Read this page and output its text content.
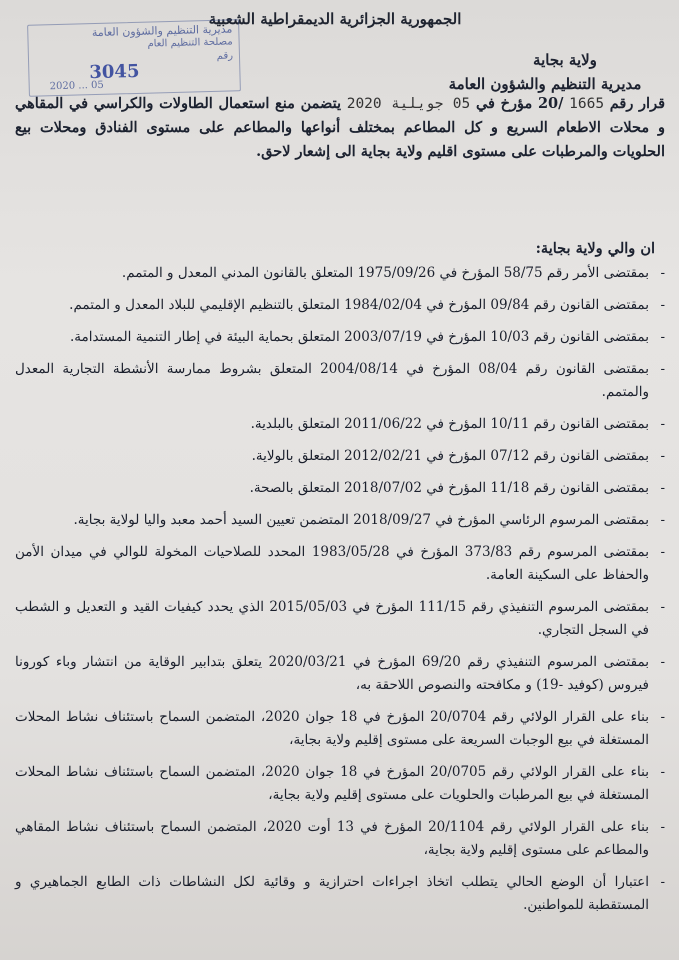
الجمهورية الجزائرية الديمقراطية الشعبية
مديرية التنظيم والشؤون العامة
مصلحة التنظيم العام
رقم
3045
2020 ... 05
ولاية بجاية
مديرية التنظيم والشؤون العامة
قرار رقم 1665 /20 مؤرخ في 05 جويلية 2020 يتضمن منع استعمال الطاولات والكراسي في المقاهي و محلات الاطعام السريع و كل المطاعم بمختلف أنواعها والمطاعم على مستوى الفنادق ومحلات بيع الحلويات والمرطبات على مستوى اقليم ولاية بجاية الى إشعار لاحق.
ان والي ولاية بجاية:
- بمقتضى الأمر رقم 58/75 المؤرخ في 1975/09/26 المتعلق بالقانون المدني المعدل و المتمم.
- بمقتضى القانون رقم 09/84 المؤرخ في 1984/02/04 المتعلق بالتنظيم الإقليمي للبلاد المعدل و المتمم.
- بمقتضى القانون رقم 10/03 المؤرخ في 2003/07/19 المتعلق بحماية البيئة في إطار التنمية المستدامة.
- بمقتضى القانون رقم 08/04 المؤرخ في 2004/08/14 المتعلق بشروط ممارسة الأنشطة التجارية المعدل والمتمم.
- بمقتضى القانون رقم 10/11 المؤرخ في 2011/06/22 المتعلق بالبلدية.
- بمقتضى القانون رقم 07/12 المؤرخ في 2012/02/21 المتعلق بالولاية.
- بمقتضى القانون رقم 11/18 المؤرخ في 2018/07/02 المتعلق بالصحة.
- بمقتضى المرسوم الرئاسي المؤرخ في 2018/09/27 المتضمن تعيين السيد أحمد معبد واليا لولاية بجاية.
- بمقتضى المرسوم رقم 373/83 المؤرخ في 1983/05/28 المحدد للصلاحيات المخولة للوالي في ميدان الأمن والحفاظ على السكينة العامة.
- بمقتضى المرسوم التنفيذي رقم 111/15 المؤرخ في 2015/05/03 الذي يحدد كيفيات القيد و التعديل و الشطب في السجل التجاري.
- بمقتضى المرسوم التنفيذي رقم 69/20 المؤرخ في 2020/03/21 يتعلق بتدابير الوقاية من انتشار وباء كورونا فيروس (كوفيد -19) و مكافحته والنصوص اللاحقة به،
- بناء على القرار الولائي رقم 20/0704 المؤرخ في 18 جوان 2020، المتضمن السماح باستئناف نشاط المحلات المستغلة في بيع الوجبات السريعة على مستوى إقليم ولاية بجاية،
- بناء على القرار الولائي رقم 20/0705 المؤرخ في 18 جوان 2020، المتضمن السماح باستئناف نشاط المحلات المستغلة في بيع المرطبات والحلويات على مستوى إقليم ولاية بجاية،
- بناء على القرار الولائي رقم 20/1104 المؤرخ في 13 أوت 2020، المتضمن السماح باستئناف نشاط المقاهي والمطاعم على مستوى إقليم ولاية بجاية،
- اعتبارا أن الوضع الحالي يتطلب اتخاذ اجراءات احترازية و وقائية لكل النشاطات ذات الطابع الجماهيري و المستقطبة للمواطنين.
